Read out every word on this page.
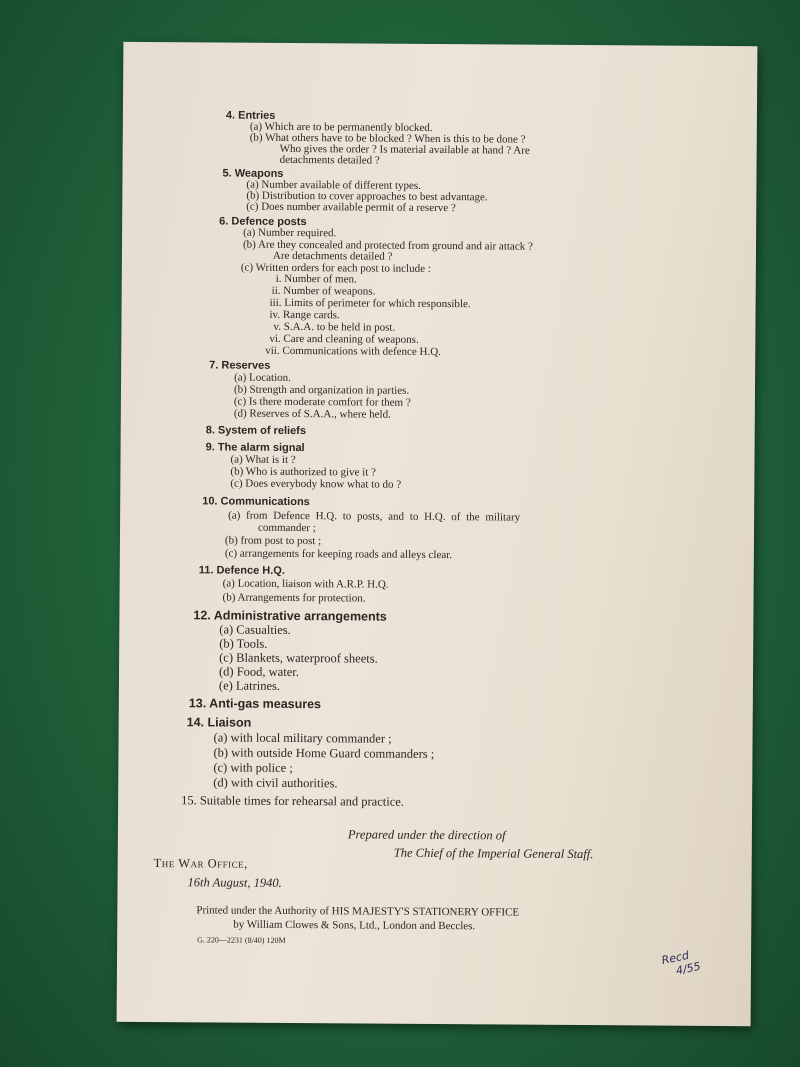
4. Entries
(a) Which are to be permanently blocked.
(b) What others have to be blocked ? When is this to be done ?
Who gives the order ? Is material available at hand ? Are
detachments detailed ?
5. Weapons
(a) Number available of different types.
(b) Distribution to cover approaches to best advantage.
(c) Does number available permit of a reserve ?
6. Defence posts
(a) Number required.
(b) Are they concealed and protected from ground and air attack ?
Are detachments detailed ?
(c) Written orders for each post to include :
i. Number of men.
ii. Number of weapons.
iii. Limits of perimeter for which responsible.
iv. Range cards.
v. S.A.A. to be held in post.
vi. Care and cleaning of weapons.
vii. Communications with defence H.Q.
7. Reserves
(a) Location.
(b) Strength and organization in parties.
(c) Is there moderate comfort for them ?
(d) Reserves of S.A.A., where held.
8. System of reliefs
9. The alarm signal
(a) What is it ?
(b) Who is authorized to give it ?
(c) Does everybody know what to do ?
10. Communications
(a) from Defence H.Q. to posts, and to H.Q. of the military
commander ;
(b) from post to post ;
(c) arrangements for keeping roads and alleys clear.
11. Defence H.Q.
(a) Location, liaison with A.R.P. H.Q.
(b) Arrangements for protection.
12. Administrative arrangements
(a) Casualties.
(b) Tools.
(c) Blankets, waterproof sheets.
(d) Food, water.
(e) Latrines.
13. Anti-gas measures
14. Liaison
(a) with local military commander ;
(b) with outside Home Guard commanders ;
(c) with police ;
(d) with civil authorities.
15. Suitable times for rehearsal and practice.
Prepared under the direction of
The Chief of the Imperial General Staff.
The War Office,
16th August, 1940.
Printed under the Authority of HIS MAJESTY'S STATIONERY OFFICE
by William Clowes & Sons, Ltd., London and Beccles.
G. 220—2231 (8/40) 120M
Recd
4/55
